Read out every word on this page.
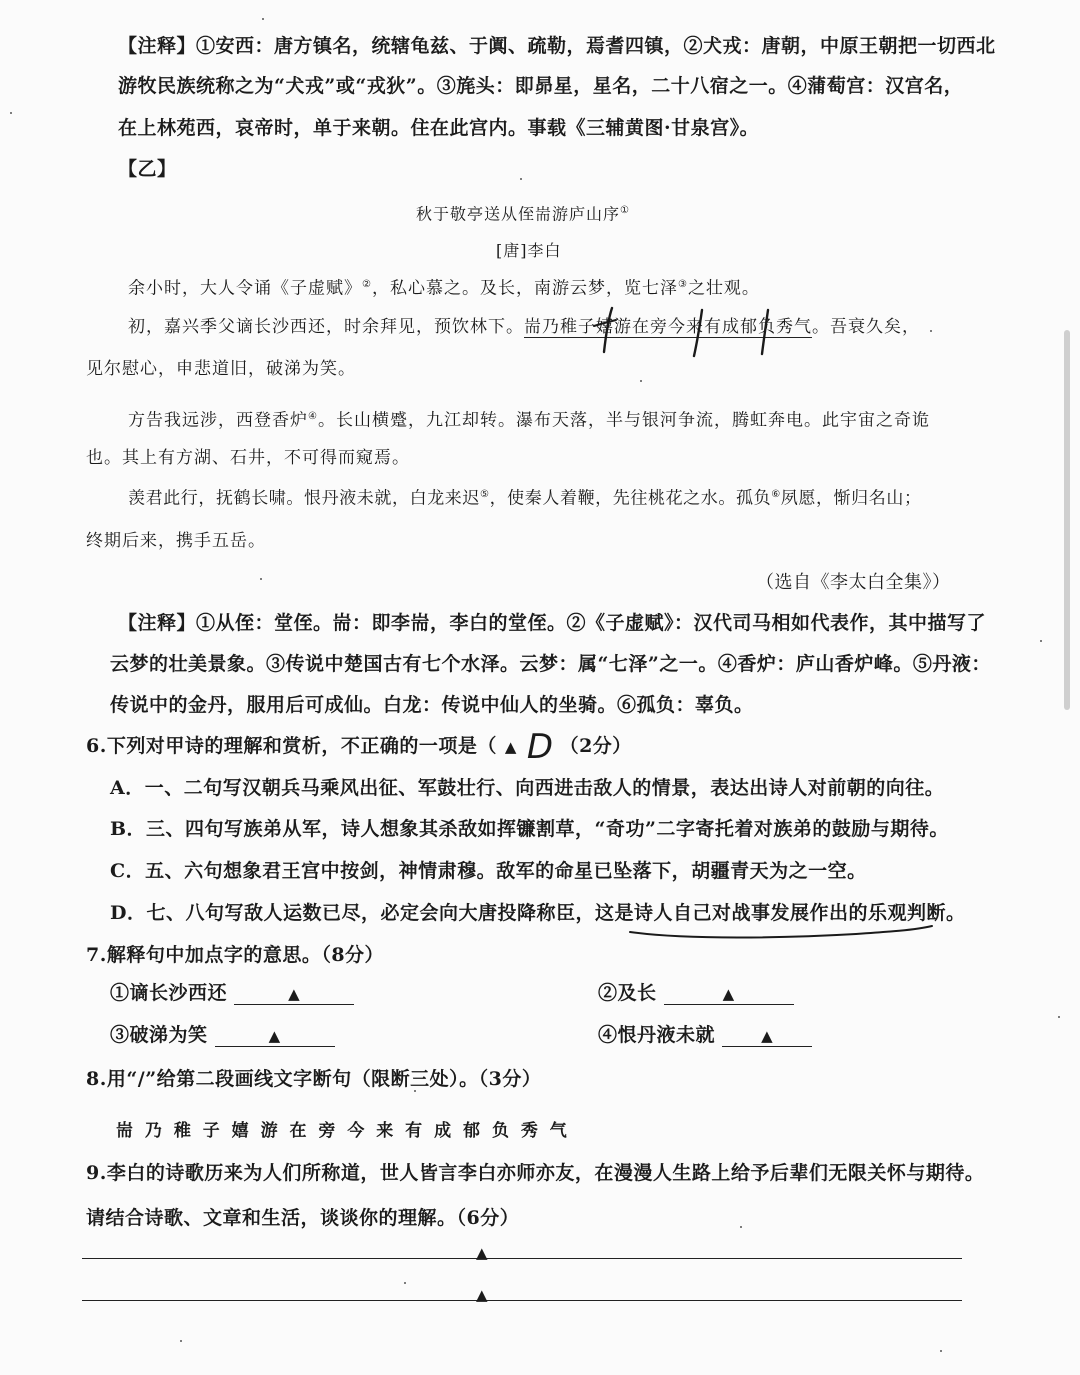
【注释】①安西：唐方镇名，统辖龟兹、于阗、疏勒，焉耆四镇，②犬戎：唐朝，中原王朝把一切西北
游牧民族统称之为“犬戎”或“戎狄”。③旄头：即昴星，星名，二十八宿之一。④蒲萄宫：汉宫名，
在上林苑西，哀帝时，单于来朝。住在此宫内。事载《三辅黄图·甘泉宫》。
【乙】
秋于敬亭送从侄耑游庐山序①
[唐]李白
余小时，大人令诵《子虚赋》②，私心慕之。及长，南游云梦，览七泽③之壮观。
初，嘉兴季父谪长沙西还，时余拜见，预饮林下。耑乃稚子嬉游在旁今来有成郁负秀气。吾衰久矣，
见尔慰心，申悲道旧，破涕为笑。
方告我远涉，西登香炉④。长山横蹙，九江却转。瀑布天落，半与银河争流，腾虹奔电。此宇宙之奇诡
也。其上有方湖、石井，不可得而窥焉。
羡君此行，抚鹤长啸。恨丹液未就，白龙来迟⑤，使秦人着鞭，先往桃花之水。孤负⑥夙愿，惭归名山；
终期后来，携手五岳。
（选自《李太白全集》）
【注释】①从侄：堂侄。耑：即李耑，李白的堂侄。②《子虚赋》：汉代司马相如代表作，其中描写了
云梦的壮美景象。③传说中楚国古有七个水泽。云梦：属“七泽”之一。④香炉：庐山香炉峰。⑤丹液：
传说中的金丹，服用后可成仙。白龙：传说中仙人的坐骑。⑥孤负：辜负。
6.下列对甲诗的理解和赏析，不正确的一项是（ ▲ D （2分）
A．一、二句写汉朝兵马乘风出征、军鼓壮行、向西进击敌人的情景，表达出诗人对前朝的向往。
B．三、四句写族弟从军，诗人想象其杀敌如挥镰割草，“奇功”二字寄托着对族弟的鼓励与期待。
C．五、六句想象君王宫中按剑，神情肃穆。敌军的命星已坠落下，胡疆青天为之一空。
D．七、八句写敌人运数已尽，必定会向大唐投降称臣，这是诗人自己对战事发展作出的乐观判断。
7.解释句中加点字的意思。（8分）
①谪长沙西还	▲	②及长	▲
③破涕为笑	▲	④恨丹液未就	▲
8.用“/”给第二段画线文字断句（限断三处）。（3分）
耑 乃 稚 子 嬉 游 在 旁 今 来 有 成 郁 负 秀 气
9.李白的诗歌历来为人们所称道，世人皆言李白亦师亦友，在漫漫人生路上给予后辈们无限关怀与期待。
请结合诗歌、文章和生活，谈谈你的理解。（6分）
▲
▲
